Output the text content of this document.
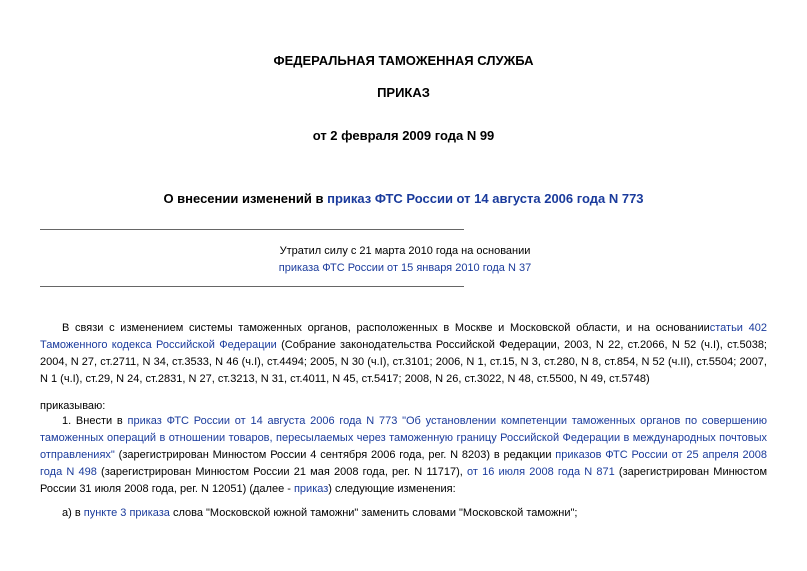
ФЕДЕРАЛЬНАЯ ТАМОЖЕННАЯ СЛУЖБА
ПРИКАЗ
от 2 февраля 2009 года N 99
О внесении изменений в приказ ФТС России от 14 августа 2006 года N 773
Утратил силу с 21 марта 2010 года на основании
приказа ФТС России от 15 января 2010 года N 37
В связи с изменением системы таможенных органов, расположенных в Москве и Московской области, и на основаниистатьи 402 Таможенного кодекса Российской Федерации (Собрание законодательства Российской Федерации, 2003, N 22, ст.2066, N 52 (ч.I), ст.5038; 2004, N 27, ст.2711, N 34, ст.3533, N 46 (ч.I), ст.4494; 2005, N 30 (ч.I), ст.3101; 2006, N 1, ст.15, N 3, ст.280, N 8, ст.854, N 52 (ч.II), ст.5504; 2007, N 1 (ч.I), ст.29, N 24, ст.2831, N 27, ст.3213, N 31, ст.4011, N 45, ст.5417; 2008, N 26, ст.3022, N 48, ст.5500, N 49, ст.5748)
приказываю:
1. Внести в приказ ФТС России от 14 августа 2006 года N 773 "Об установлении компетенции таможенных органов по совершению таможенных операций в отношении товаров, пересылаемых через таможенную границу Российской Федерации в международных почтовых отправлениях" (зарегистрирован Минюстом России 4 сентября 2006 года, рег. N 8203) в редакции приказов ФТС России от 25 апреля 2008 года N 498 (зарегистрирован Минюстом России 21 мая 2008 года, рег. N 11717), от 16 июля 2008 года N 871 (зарегистрирован Минюстом России 31 июля 2008 года, рег. N 12051) (далее - приказ) следующие изменения:
а) в пункте 3 приказа слова "Московской южной таможни" заменить словами "Московской таможни";
